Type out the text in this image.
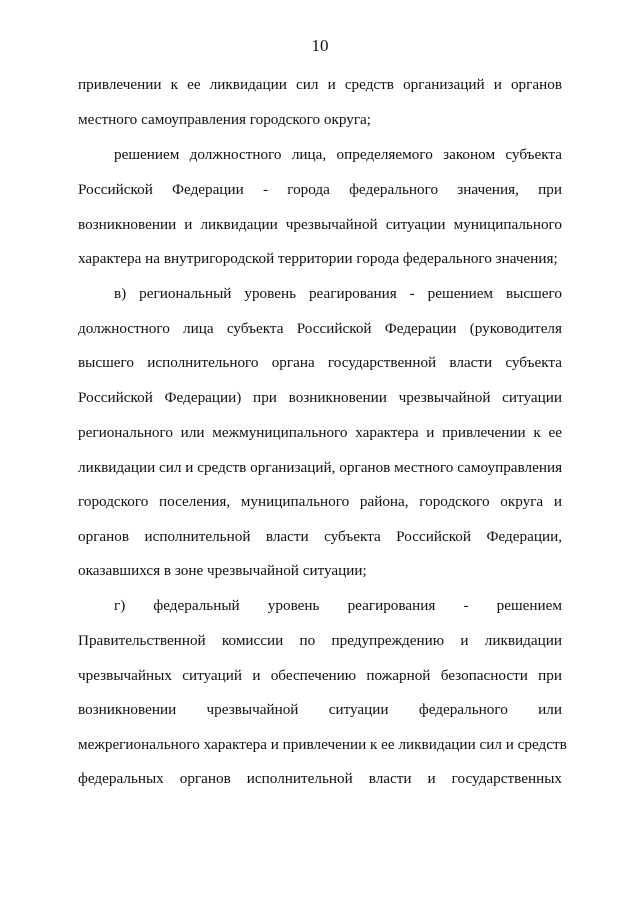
10
привлечении к ее ликвидации сил и средств организаций и органов
местного самоуправления городского округа;
решением должностного лица, определяемого законом субъекта
Российской Федерации - города федерального значения, при
возникновении и ликвидации чрезвычайной ситуации муниципального
характера на внутригородской территории города федерального значения;
в) региональный уровень реагирования - решением высшего
должностного лица субъекта Российской Федерации (руководителя
высшего исполнительного органа государственной власти субъекта
Российской Федерации) при возникновении чрезвычайной ситуации
регионального или межмуниципального характера и привлечении к ее
ликвидации сил и средств организаций, органов местного самоуправления
городского поселения, муниципального района, городского округа и
органов исполнительной власти субъекта Российской Федерации,
оказавшихся в зоне чрезвычайной ситуации;
г) федеральный уровень реагирования - решением
Правительственной комиссии по предупреждению и ликвидации
чрезвычайных ситуаций и обеспечению пожарной безопасности при
возникновении чрезвычайной ситуации федерального или
межрегионального характера и привлечении к ее ликвидации сил и средств
федеральных органов исполнительной власти и государственных
